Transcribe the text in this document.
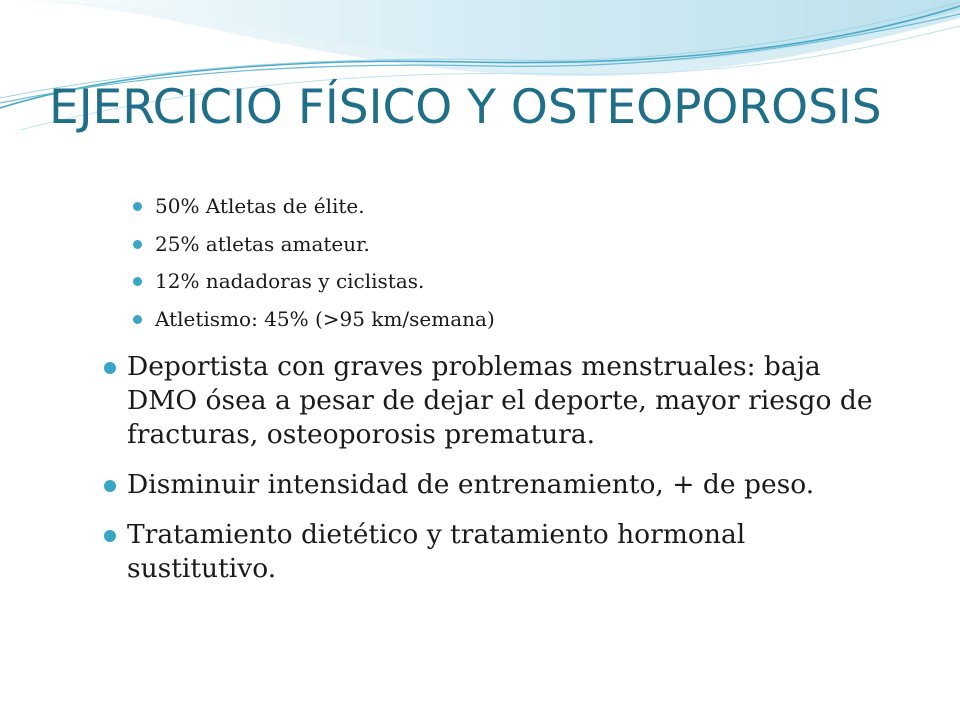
EJERCICIO FÍSICO Y OSTEOPOROSIS
50% Atletas de élite.
25% atletas amateur.
12% nadadoras y ciclistas.
Atletismo: 45% (>95 km/semana)
Deportista con graves problemas menstruales: baja DMO ósea a pesar de dejar el deporte, mayor riesgo de fracturas, osteoporosis prematura.
Disminuir intensidad de entrenamiento, + de peso.
Tratamiento dietético y tratamiento hormonal sustitutivo.
